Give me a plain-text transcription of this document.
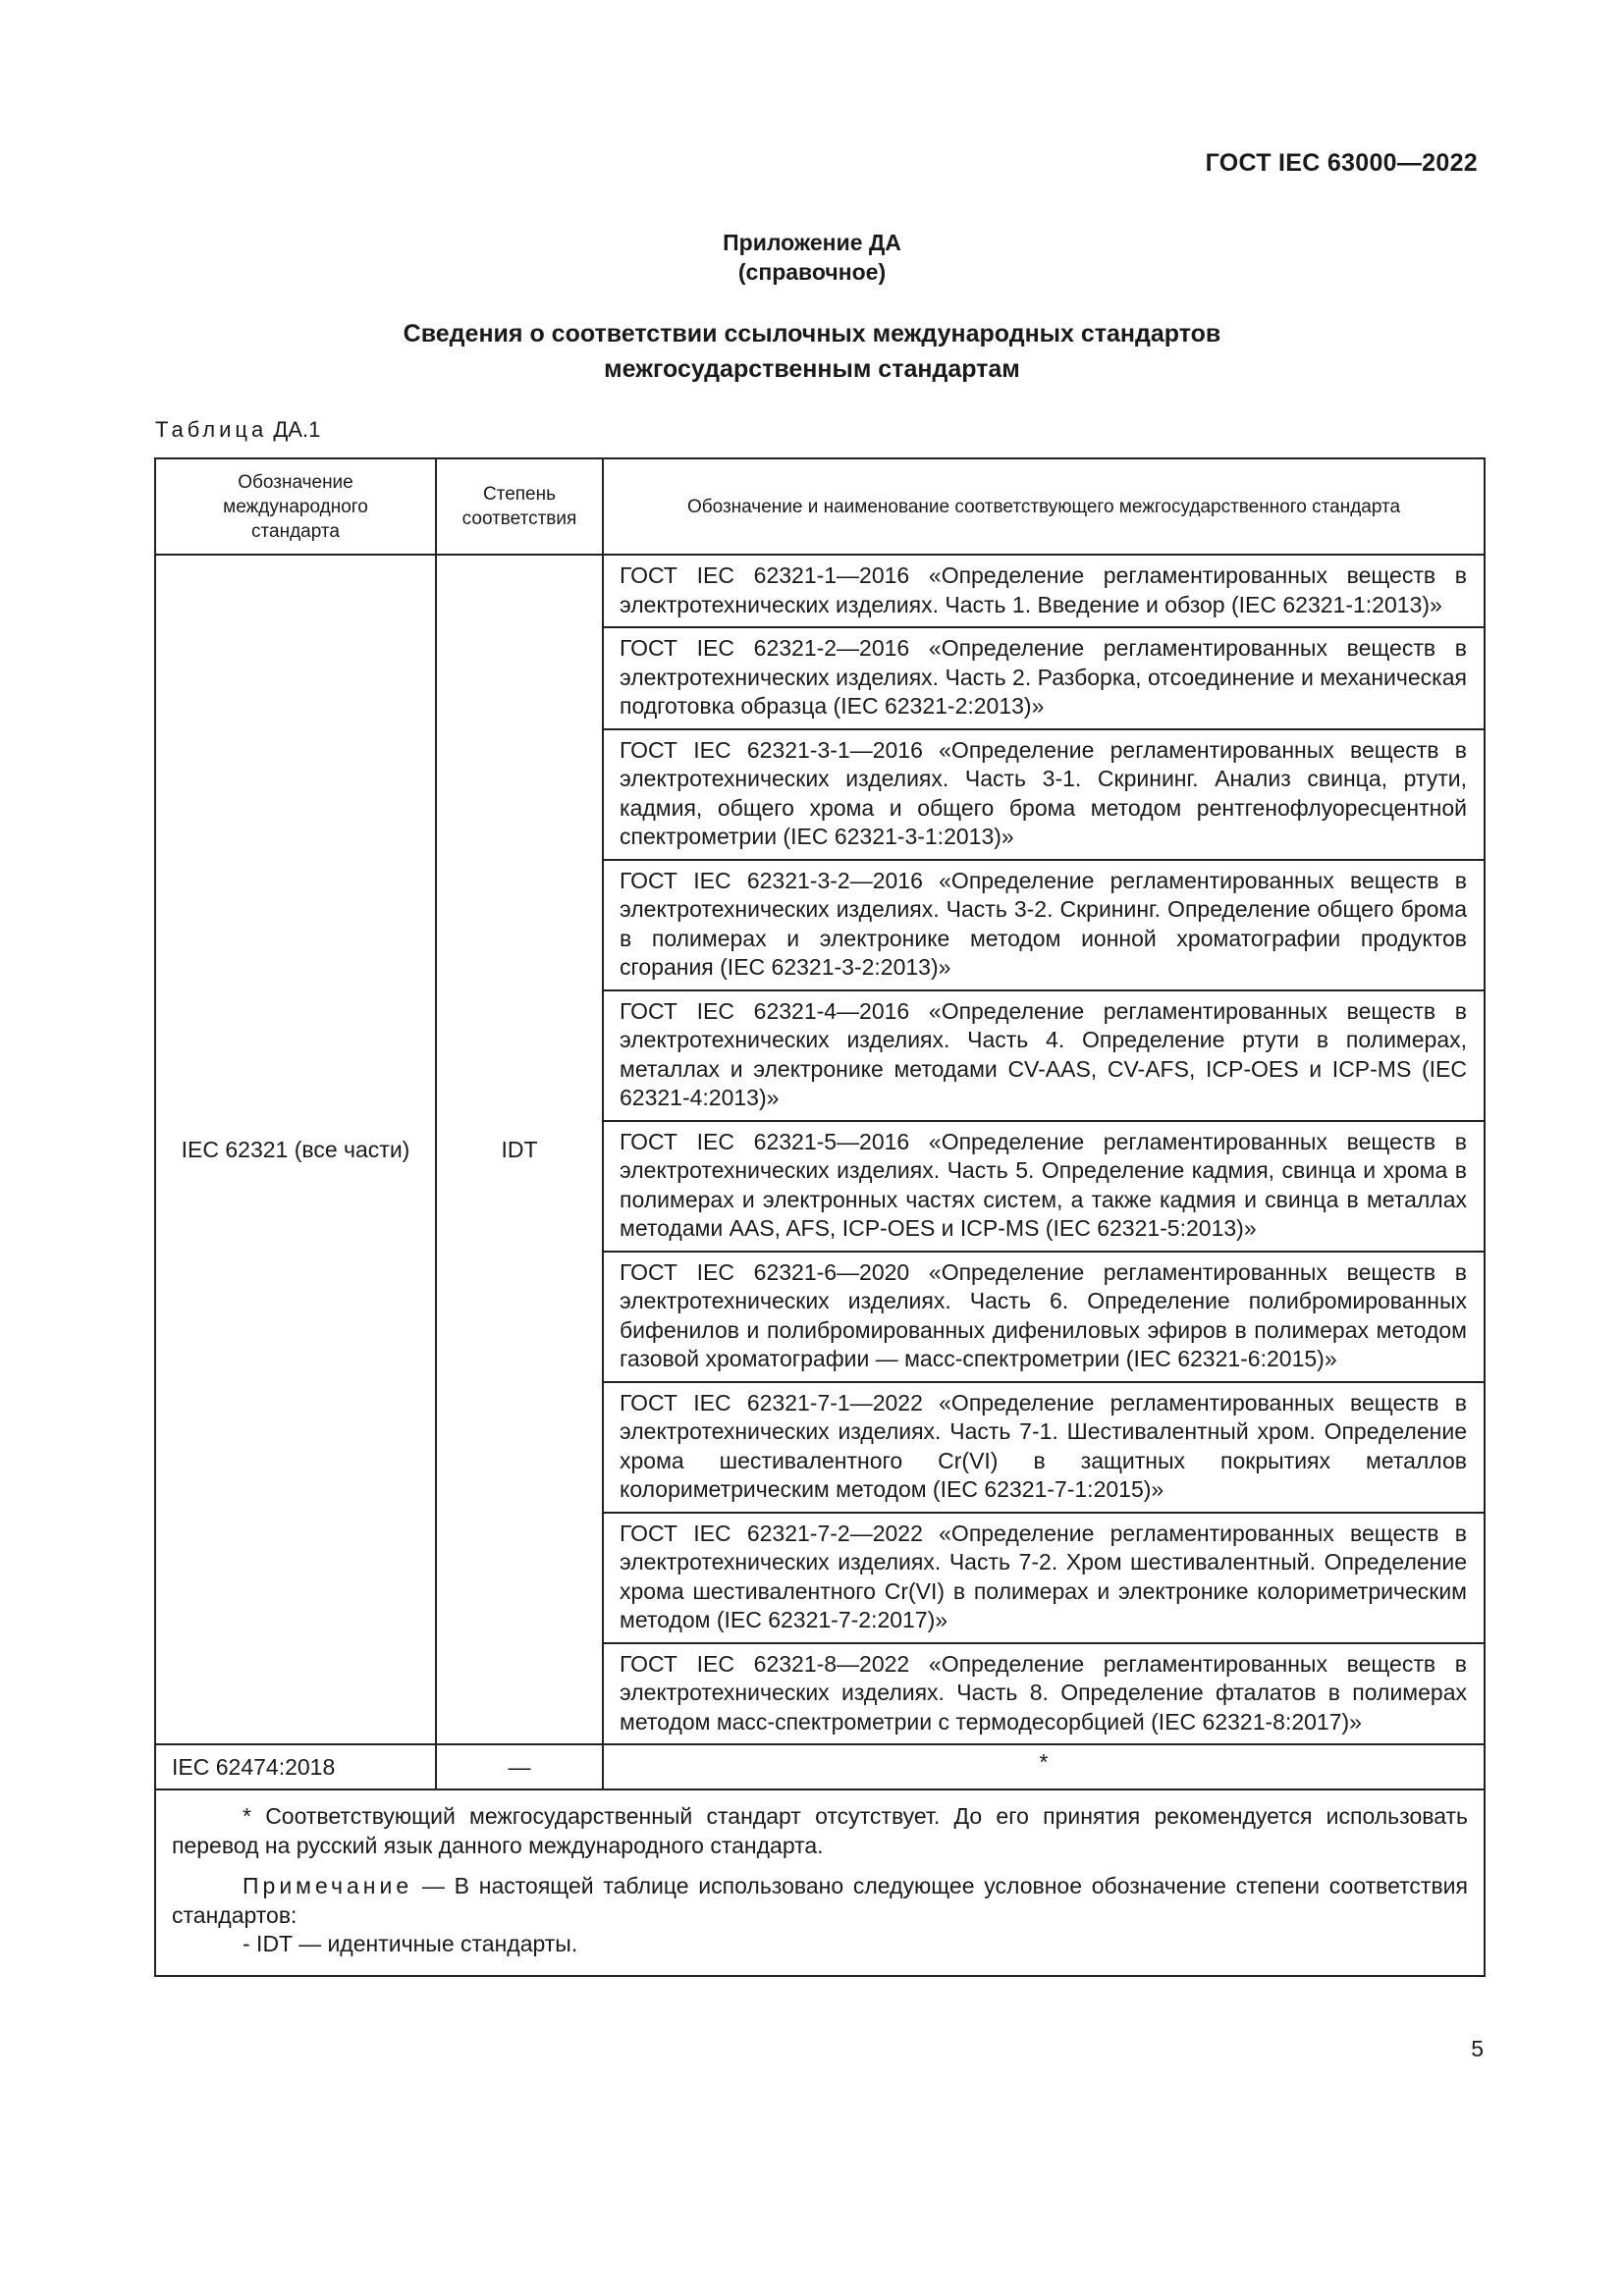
ГОСТ IEC 63000—2022
Приложение ДА
(справочное)
Сведения о соответствии ссылочных международных стандартов
межгосударственным стандартам
Таблица ДА.1
Обозначение международного стандарта	Степень соответствия	Обозначение и наименование соответствующего межгосударственного стандарта

IEC 62321 (все части)	IDT	ГОСТ IEC 62321-1—2016 «Определение регламентированных веществ в электротехнических изделиях. Часть 1. Введение и обзор (IEC 62321-1:2013)»
		ГОСТ IEC 62321-2—2016 «Определение регламентированных веществ в электротехнических изделиях. Часть 2. Разборка, отсоединение и механическая подготовка образца (IEC 62321-2:2013)»
		ГОСТ IEC 62321-3-1—2016 «Определение регламентированных веществ в электротехнических изделиях. Часть 3-1. Скрининг. Анализ свинца, ртути, кадмия, общего хрома и общего брома методом рентгенофлуоресцентной спектрометрии (IEC 62321-3-1:2013)»
		ГОСТ IEC 62321-3-2—2016 «Определение регламентированных веществ в электротехнических изделиях. Часть 3-2. Скрининг. Определение общего брома в полимерах и электронике методом ионной хроматографии продуктов сгорания (IEC 62321-3-2:2013)»
		ГОСТ IEC 62321-4—2016 «Определение регламентированных веществ в электротехнических изделиях. Часть 4. Определение ртути в полимерах, металлах и электронике методами CV-AAS, CV-AFS, ICP-OES и ICP-MS (IEC 62321-4:2013)»
		ГОСТ IEC 62321-5—2016 «Определение регламентированных веществ в электротехнических изделиях. Часть 5. Определение кадмия, свинца и хрома в полимерах и электронных частях систем, а также кадмия и свинца в металлах методами AAS, AFS, ICP-OES и ICP-MS (IEC 62321-5:2013)»
		ГОСТ IEC 62321-6—2020 «Определение регламентированных веществ в электротехнических изделиях. Часть 6. Определение полибромированных бифенилов и полибромированных дифениловых эфиров в полимерах методом газовой хроматографии — масс-спектрометрии (IEC 62321-6:2015)»
		ГОСТ IEC 62321-7-1—2022 «Определение регламентированных веществ в электротехнических изделиях. Часть 7-1. Шестивалентный хром. Определение хрома шестивалентного Cr(VI) в защитных покрытиях металлов колориметрическим методом (IEC 62321-7-1:2015)»
		ГОСТ IEC 62321-7-2—2022 «Определение регламентированных веществ в электротехнических изделиях. Часть 7-2. Хром шестивалентный. Определение хрома шестивалентного Cr(VI) в полимерах и электронике колориметрическим методом (IEC 62321-7-2:2017)»
		ГОСТ IEC 62321-8—2022 «Определение регламентированных веществ в электротехнических изделиях. Часть 8. Определение фталатов в полимерах методом масс-спектрометрии с термодесорбцией (IEC 62321-8:2017)»
IEC 62474:2018	—	*

* Соответствующий межгосударственный стандарт отсутствует. До его принятия рекомендуется использовать перевод на русский язык данного международного стандарта.

Примечание — В настоящей таблице использовано следующее условное обозначение степени соответствия стандартов:

- IDT — идентичные стандарты.		

5
